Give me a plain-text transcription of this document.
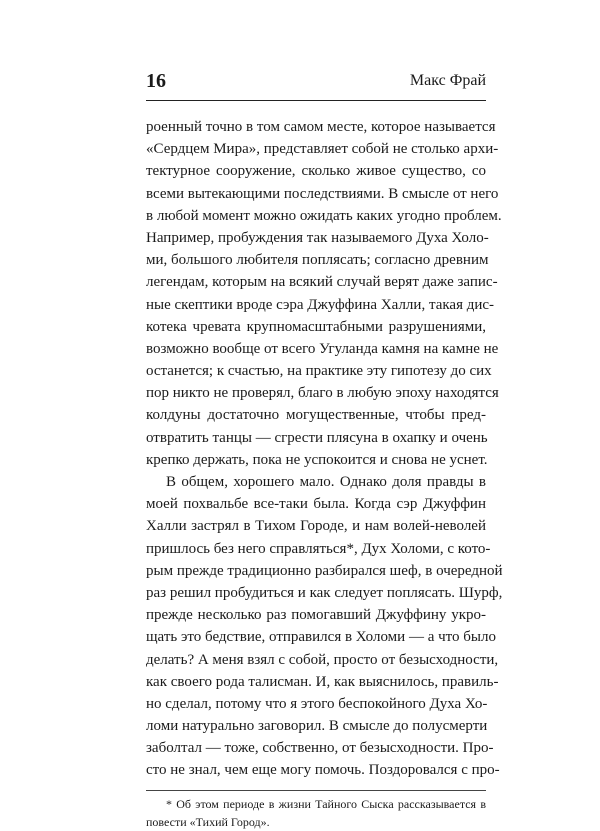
16	Макс Фрай
роенный точно в том самом месте, которое называется
«Сердцем Мира», представляет собой не столько архи-
тектурное сооружение, сколько живое существо, со
всеми вытекающими последствиями. В смысле от него
в любой момент можно ожидать каких угодно проблем.
Например, пробуждения так называемого Духа Холо-
ми, большого любителя поплясать; согласно древним
легендам, которым на всякий случай верят даже запис-
ные скептики вроде сэра Джуффина Халли, такая дис-
котека чревата крупномасштабными разрушениями,
возможно вообще от всего Угуланда камня на камне не
останется; к счастью, на практике эту гипотезу до сих
пор никто не проверял, благо в любую эпоху находятся
колдуны достаточно могущественные, чтобы пред-
отвратить танцы — сгрести плясуна в охапку и очень
крепко держать, пока не успокоится и снова не уснет.
В общем, хорошего мало. Однако доля правды в
моей похвальбе все-таки была. Когда сэр Джуффин
Халли застрял в Тихом Городе, и нам волей-неволей
пришлось без него справляться*, Дух Холоми, с кото-
рым прежде традиционно разбирался шеф, в очередной
раз решил пробудиться и как следует поплясать. Шурф,
прежде несколько раз помогавший Джуффину укро-
щать это бедствие, отправился в Холоми — а что было
делать? А меня взял с собой, просто от безысходности,
как своего рода талисман. И, как выяснилось, правиль-
но сделал, потому что я этого беспокойного Духа Хо-
ломи натурально заговорил. В смысле до полусмерти
заболтал — тоже, собственно, от безысходности. Про-
сто не знал, чем еще могу помочь. Поздоровался с про-
* Об этом периоде в жизни Тайного Сыска рассказывается в
повести «Тихий Город».
